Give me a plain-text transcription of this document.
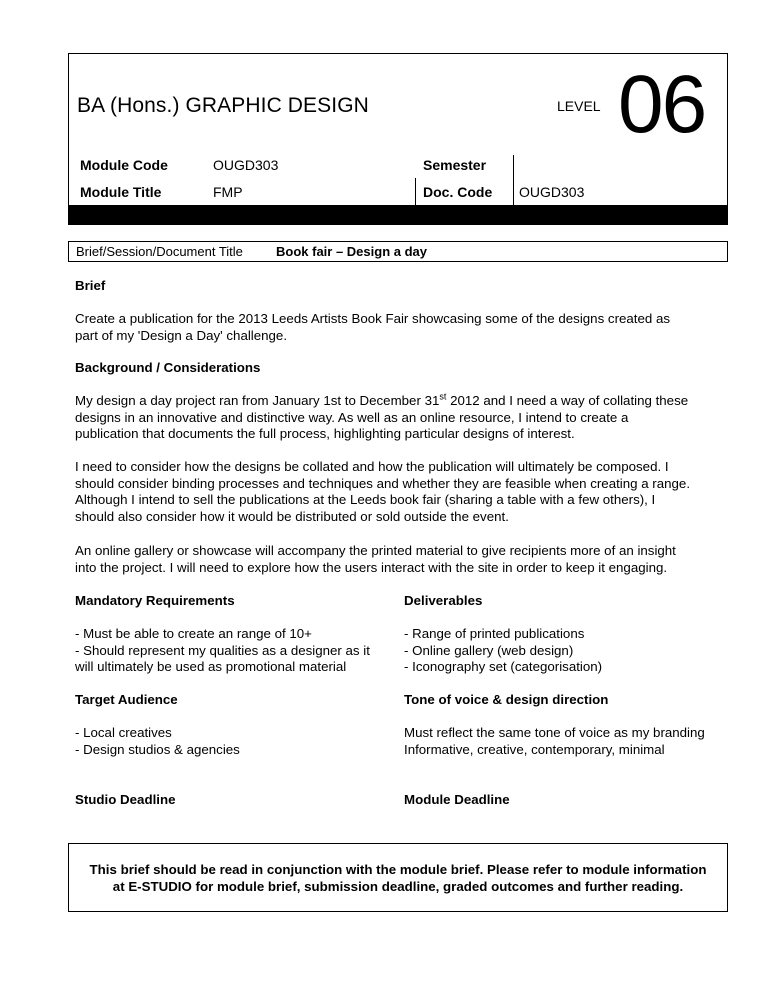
BA (Hons.) GRAPHIC DESIGN	LEVEL 06
Module Code	OUGD303	Semester
Module Title	FMP	Doc. Code OUGD303
Brief/Session/Document Title	Book fair – Design a day
Brief
Create a publication for the 2013 Leeds Artists Book Fair showcasing some of the designs created as
part of my 'Design a Day' challenge.
Background / Considerations
My design a day project ran from January 1st to December 31st 2012 and I need a way of collating these
designs in an innovative and distinctive way. As well as an online resource, I intend to create a
publication that documents the full process, highlighting particular designs of interest.
I need to consider how the designs be collated and how the publication will ultimately be composed. I
should consider binding processes and techniques and whether they are feasible when creating a range.
Although I intend to sell the publications at the Leeds book fair (sharing a table with a few others), I
should also consider how it would be distributed or sold outside the event.
An online gallery or showcase will accompany the printed material to give recipients more of an insight
into the project. I will need to explore how the users interact with the site in order to keep it engaging.
Mandatory Requirements
- Must be able to create an range of 10+
- Should represent my qualities as a designer as it
will ultimately be used as promotional material
Deliverables
- Range of printed publications
- Online gallery (web design)
- Iconography set (categorisation)
Target Audience
- Local creatives
- Design studios & agencies
Tone of voice & design direction
Must reflect the same tone of voice as my branding
Informative, creative, contemporary, minimal
Studio Deadline	Module Deadline
This brief should be read in conjunction with the module brief. Please refer to module information
at E-STUDIO for module brief, submission deadline, graded outcomes and further reading.
